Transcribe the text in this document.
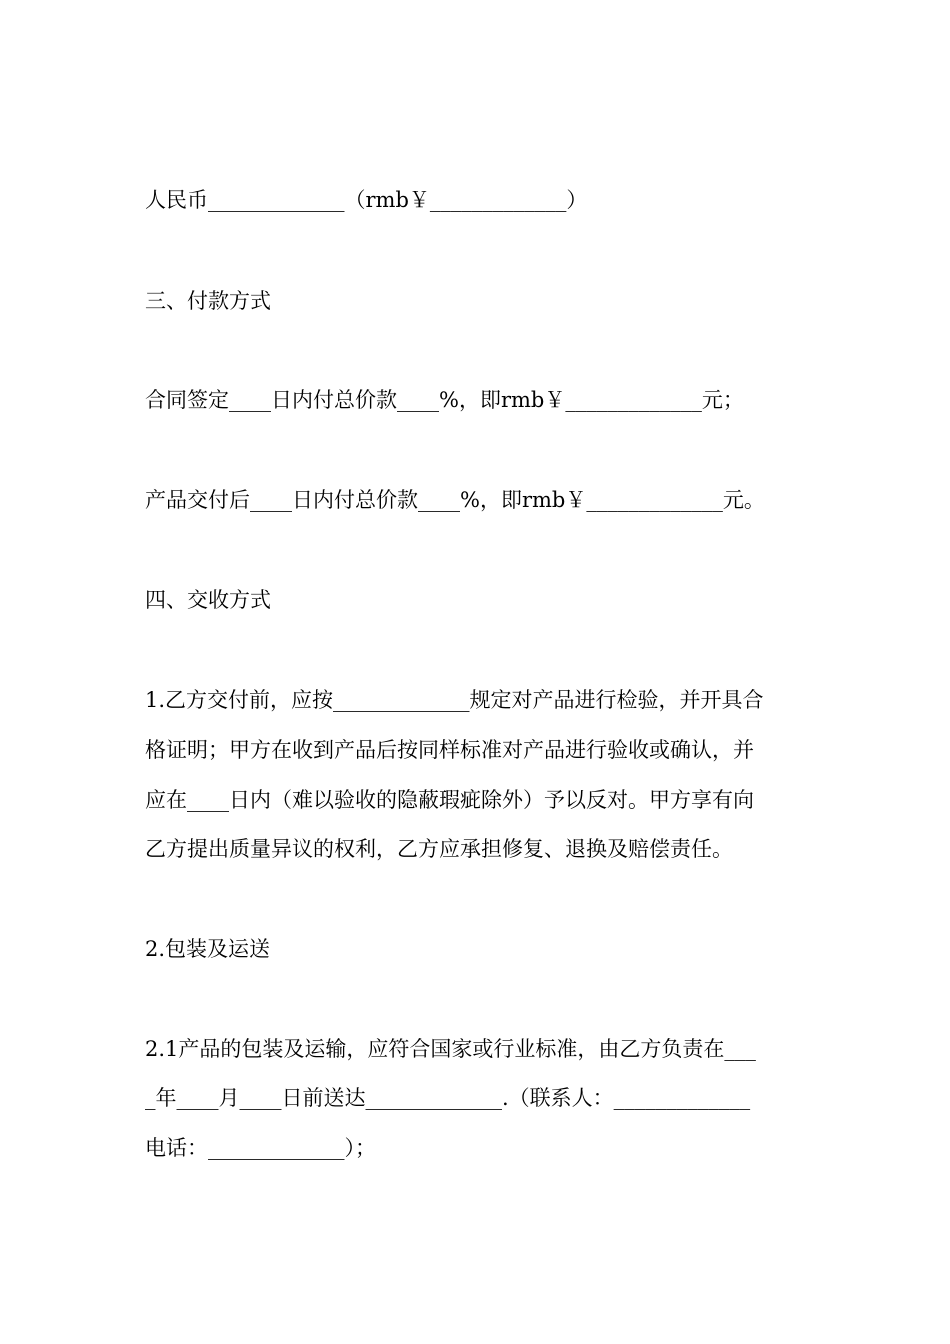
人民币_____________（rmb￥_____________）
三、付款方式
合同签定____日内付总价款____%，即rmb￥_____________元；
产品交付后____日内付总价款____%，即rmb￥_____________元。
四、交收方式
1.乙方交付前，应按_____________规定对产品进行检验，并开具合
格证明；甲方在收到产品后按同样标准对产品进行验收或确认，并
应在____日内（难以验收的隐蔽瑕疵除外）予以反对。甲方享有向
乙方提出质量异议的权利，乙方应承担修复、退换及赔偿责任。
2.包装及运送
2.1产品的包装及运输，应符合国家或行业标准，由乙方负责在___
_年____月____日前送达_____________.（联系人：_____________
电话：_____________）；
